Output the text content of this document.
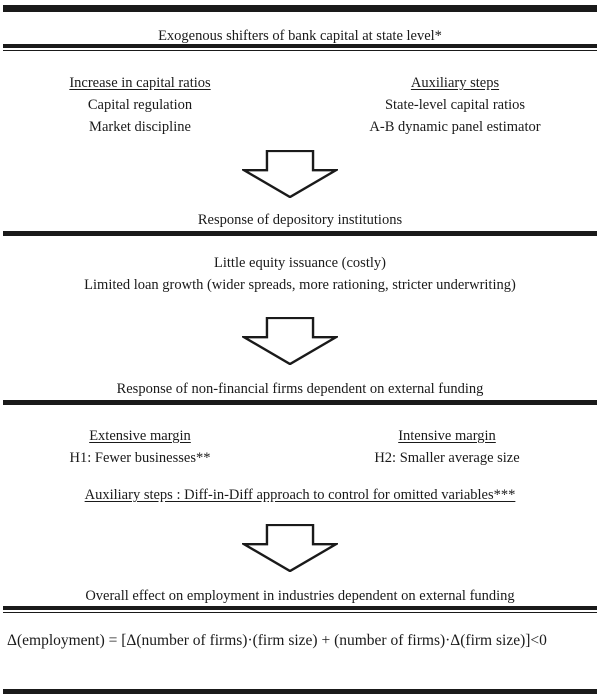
Exogenous shifters of bank capital at state level*
Increase in capital ratios
Capital regulation
Market discipline
Auxiliary steps
State-level capital ratios
A-B dynamic panel estimator
Response of depository institutions
Little equity issuance (costly)
Limited loan growth (wider spreads, more rationing, stricter underwriting)
Response of non-financial firms dependent on external funding
Extensive margin
H1: Fewer businesses**
Intensive margin
H2: Smaller average size
Auxiliary steps : Diff-in-Diff approach to control for omitted variables***
Overall effect on employment in industries dependent on external funding
Δ(employment) = [Δ(number of firms)·(firm size) + (number of firms)·Δ(firm size)]<0
